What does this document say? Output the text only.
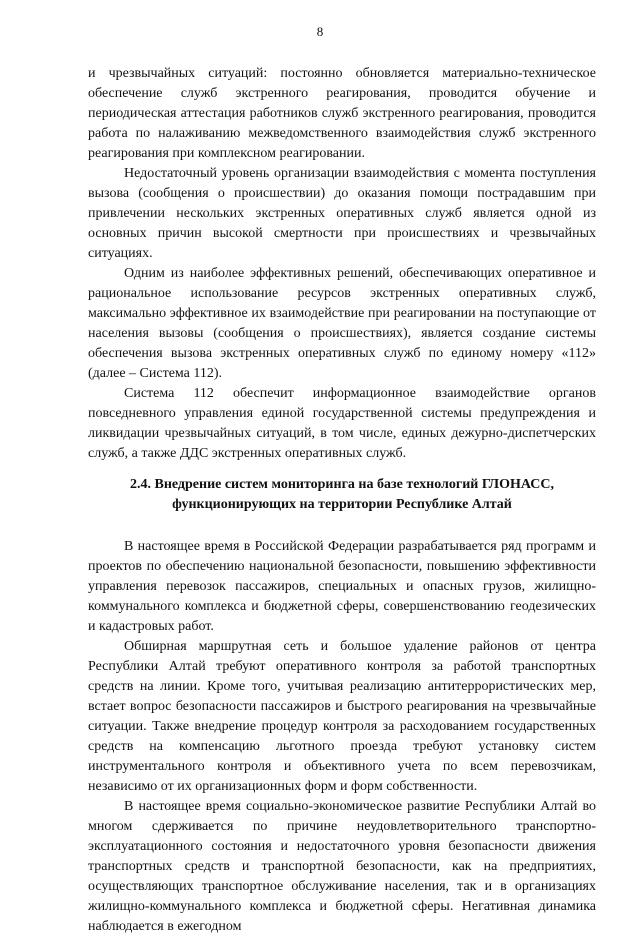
8

и чрезвычайных ситуаций: постоянно обновляется материально-техническое обеспечение служб экстренного реагирования, проводится обучение и периодическая аттестация работников служб экстренного реагирования, проводится работа по налаживанию межведомственного взаимодействия служб экстренного реагирования при комплексном реагировании.

Недостаточный уровень организации взаимодействия с момента поступления вызова (сообщения о происшествии) до оказания помощи пострадавшим при привлечении нескольких экстренных оперативных служб является одной из основных причин высокой смертности при происшествиях и чрезвычайных ситуациях.

Одним из наиболее эффективных решений, обеспечивающих оперативное и рациональное использование ресурсов экстренных оперативных служб, максимально эффективное их взаимодействие при реагировании на поступающие от населения вызовы (сообщения о происшествиях), является создание системы обеспечения вызова экстренных оперативных служб по единому номеру «112» (далее – Система 112).

Система 112 обеспечит информационное взаимодействие органов повседневного управления единой государственной системы предупреждения и ликвидации чрезвычайных ситуаций, в том числе, единых дежурно-диспетчерских служб, а также ДДС экстренных оперативных служб.

2.4. Внедрение систем мониторинга на базе технологий ГЛОНАСС,
функционирующих на территории Республике Алтай

В настоящее время в Российской Федерации разрабатывается ряд программ и проектов по обеспечению национальной безопасности, повышению эффективности управления перевозок пассажиров, специальных и опасных грузов, жилищно-коммунального комплекса и бюджетной сферы, совершенствованию геодезических и кадастровых работ.

Обширная маршрутная сеть и большое удаление районов от центра Республики Алтай требуют оперативного контроля за работой транспортных средств на линии. Кроме того, учитывая реализацию антитеррористических мер, встает вопрос безопасности пассажиров и быстрого реагирования на чрезвычайные ситуации. Также внедрение процедур контроля за расходованием государственных средств на компенсацию льготного проезда требуют установку систем инструментального контроля и объективного учета по всем перевозчикам, независимо от их организационных форм и форм собственности.

В настоящее время социально-экономическое развитие Республики Алтай во многом сдерживается по причине неудовлетворительного транспортно-эксплуатационного состояния и недостаточного уровня безопасности движения транспортных средств и транспортной безопасности, как на предприятиях, осуществляющих транспортное обслуживание населения, так и в организациях жилищно-коммунального комплекса и бюджетной сферы. Негативная динамика наблюдается в ежегодном
